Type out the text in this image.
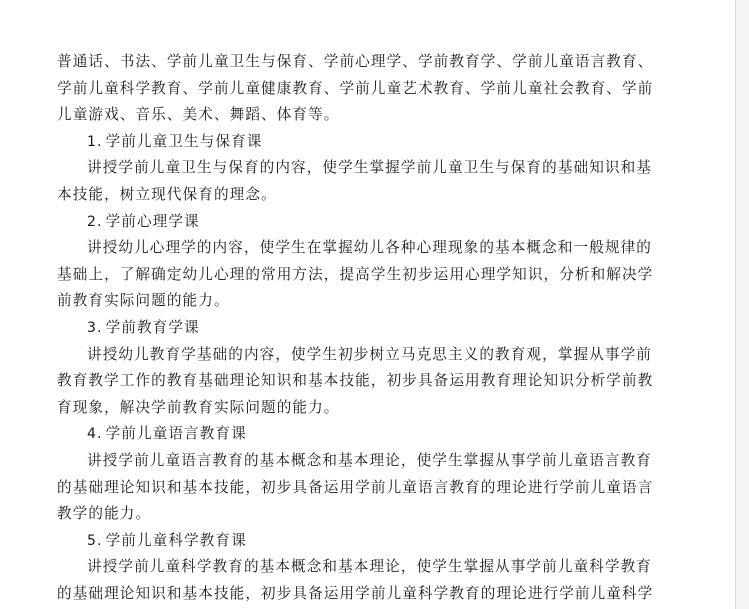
普通话、书法、学前儿童卫生与保育、学前心理学、学前教育学、学前儿童语言教育、
学前儿童科学教育、学前儿童健康教育、学前儿童艺术教育、学前儿童社会教育、学前
儿童游戏、音乐、美术、舞蹈、体育等。
1. 学前儿童卫生与保育课
讲授学前儿童卫生与保育的内容，使学生掌握学前儿童卫生与保育的基础知识和基
本技能，树立现代保育的理念。
2. 学前心理学课
讲授幼儿心理学的内容，使学生在掌握幼儿各种心理现象的基本概念和一般规律的
基础上，了解确定幼儿心理的常用方法，提高学生初步运用心理学知识，分析和解决学
前教育实际问题的能力。
3. 学前教育学课
讲授幼儿教育学基础的内容，使学生初步树立马克思主义的教育观，掌握从事学前
教育教学工作的教育基础理论知识和基本技能，初步具备运用教育理论知识分析学前教
育现象，解决学前教育实际问题的能力。
4. 学前儿童语言教育课
讲授学前儿童语言教育的基本概念和基本理论，使学生掌握从事学前儿童语言教育
的基础理论知识和基本技能，初步具备运用学前儿童语言教育的理论进行学前儿童语言
教学的能力。
5. 学前儿童科学教育课
讲授学前儿童科学教育的基本概念和基本理论，使学生掌握从事学前儿童科学教育
的基础理论知识和基本技能，初步具备运用学前儿童科学教育的理论进行学前儿童科学
